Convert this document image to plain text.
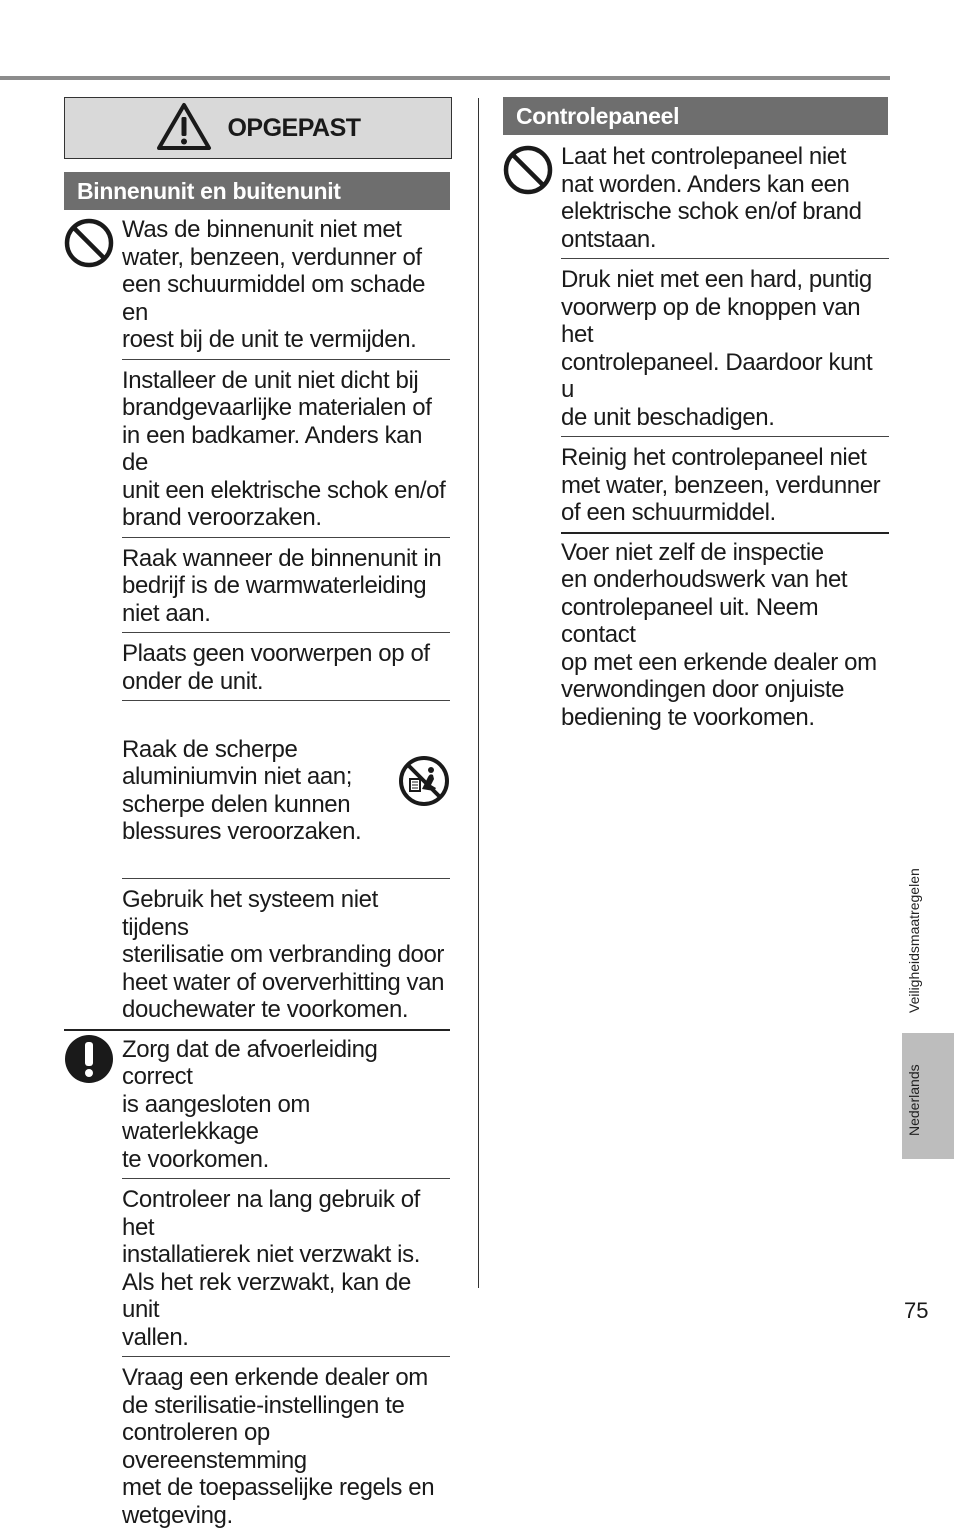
OPGEPAST
Binnenunit en buitenunit
Was de binnenunit niet met
water, benzeen, verdunner of
een schuurmiddel om schade en
roest bij de unit te vermijden.
Installeer de unit niet dicht bij
brandgevaarlijke materialen of
in een badkamer. Anders kan de
unit een elektrische schok en/of
brand veroorzaken.
Raak wanneer de binnenunit in
bedrijf is de warmwaterleiding
niet aan.
Plaats geen voorwerpen op of
onder de unit.

Raak de scherpe
aluminiumvin niet aan;
scherpe delen kunnen
blessures veroorzaken.

Gebruik het systeem niet tijdens
sterilisatie om verbranding door
heet water of oververhitting van
douchewater te voorkomen.
Zorg dat de afvoerleiding correct
is aangesloten om waterlekkage
te voorkomen.
Controleer na lang gebruik of het
installatierek niet verzwakt is.
Als het rek verzwakt, kan de unit
vallen.
Vraag een erkende dealer om
de sterilisatie-instellingen te
controleren op overeenstemming
met de toepasselijke regels en
wetgeving.
Controlepaneel
Laat het controlepaneel niet
nat worden. Anders kan een
elektrische schok en/of brand
ontstaan.
Druk niet met een hard, puntig
voorwerp op de knoppen van het
controlepaneel. Daardoor kunt u
de unit beschadigen.
Reinig het controlepaneel niet
met water, benzeen, verdunner
of een schuurmiddel.
Voer niet zelf de inspectie
en onderhoudswerk van het
controlepaneel uit. Neem contact
op met een erkende dealer om
verwondingen door onjuiste
bediening te voorkomen.
Veiligheidsmaatregelen
Nederlands
75
